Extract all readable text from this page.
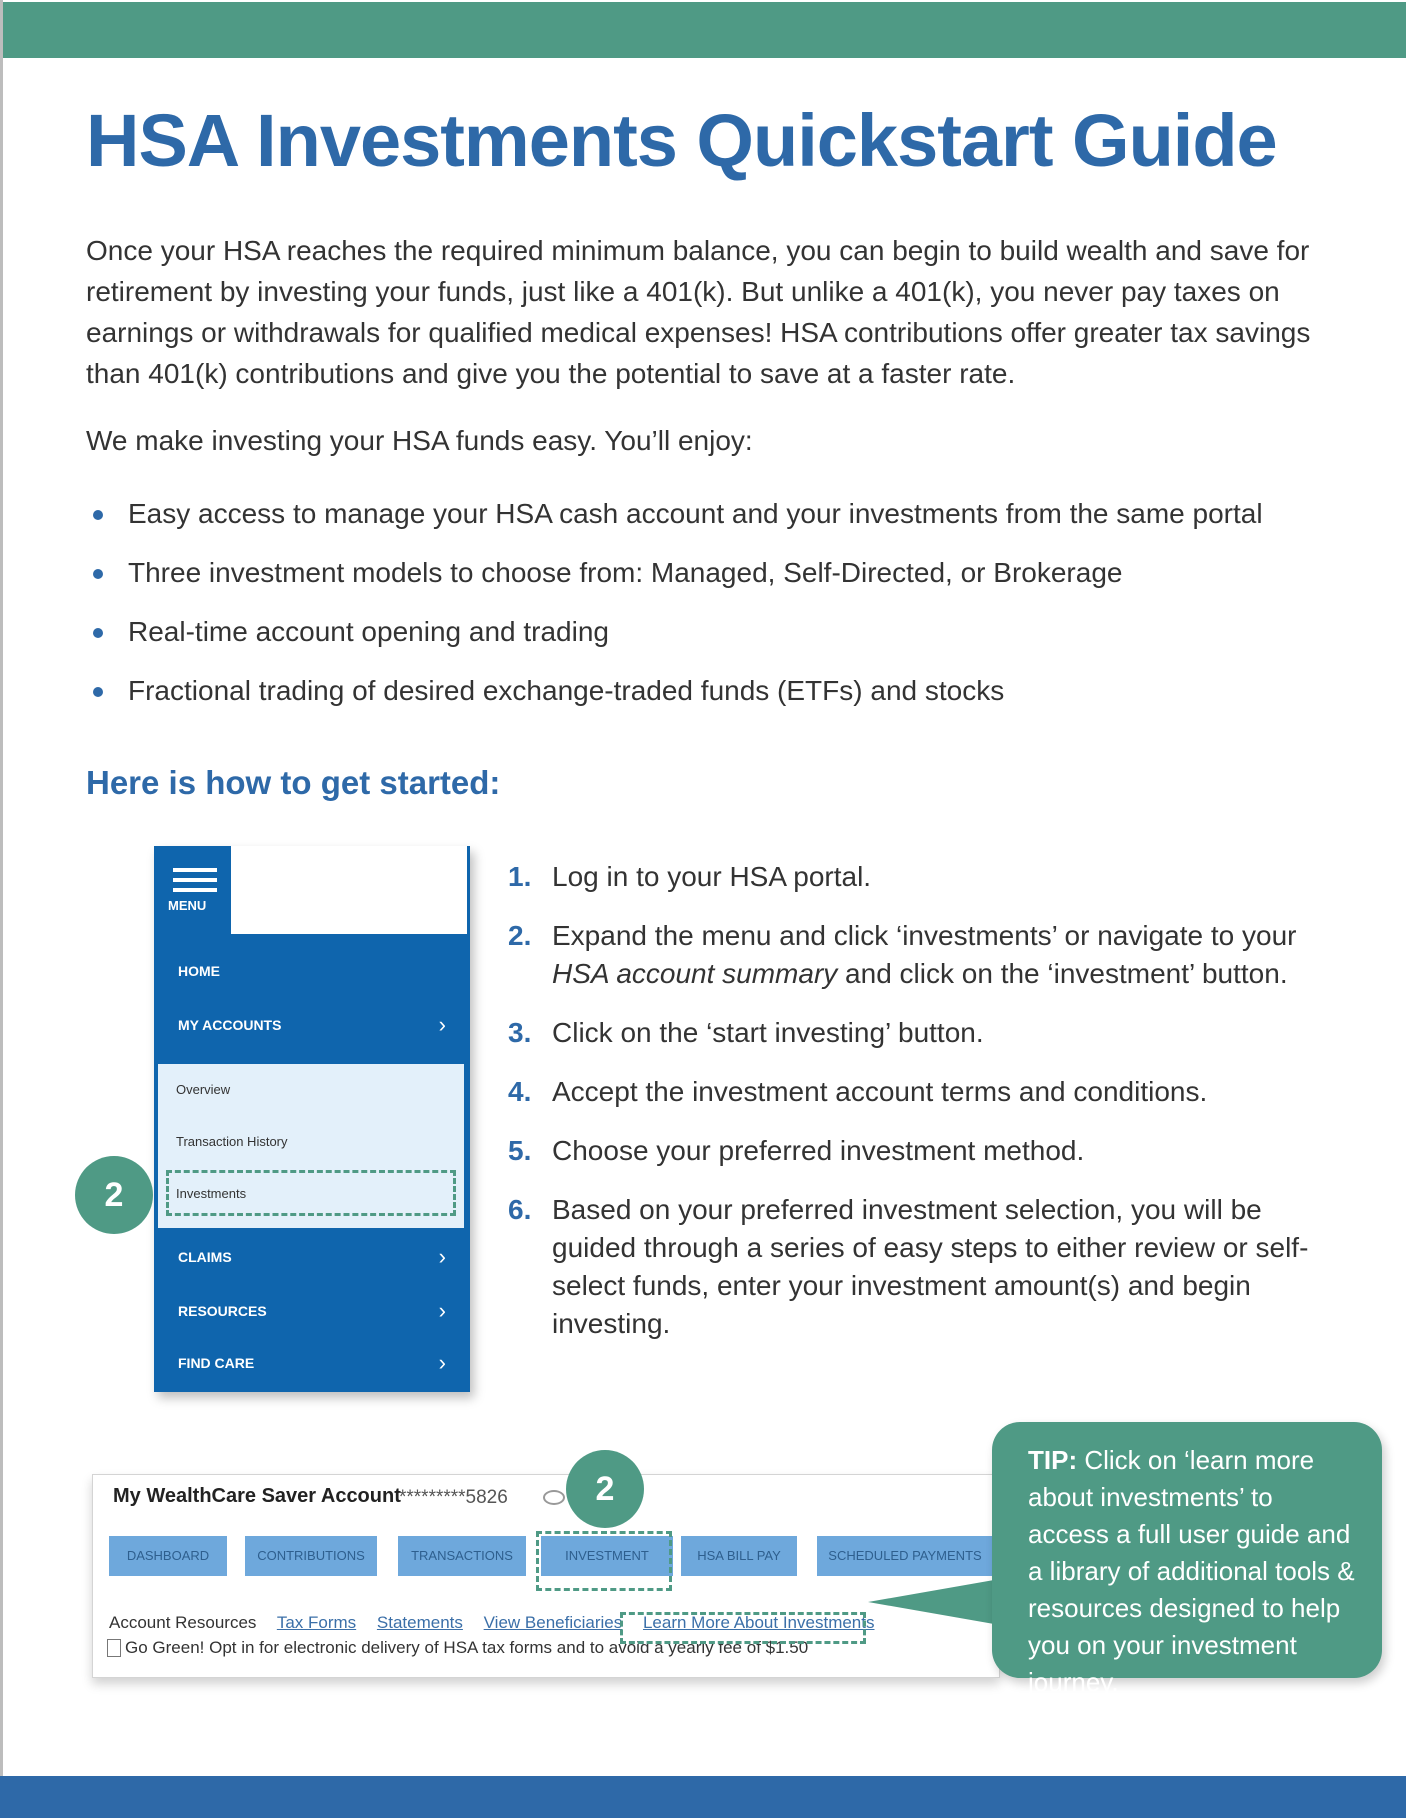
HSA Investments Quickstart Guide

Once your HSA reaches the required minimum balance, you can begin to build wealth and save for retirement by investing your funds, just like a 401(k). But unlike a 401(k), you never pay taxes on earnings or withdrawals for qualified medical expenses! HSA contributions offer greater tax savings than 401(k) contributions and give you the potential to save at a faster rate.

We make investing your HSA funds easy. You’ll enjoy:

Easy access to manage your HSA cash account and your investments from the same portal
Three investment models to choose from: Managed, Self-Directed, or Brokerage
Real-time account opening and trading
Fractional trading of desired exchange-traded funds (ETFs) and stocks
Here is how to get started:
MENU
HOME
MY ACCOUNTS	›
Overview
Transaction History
Investments
CLAIMS	›
RESOURCES	›
FIND CARE	›
2
1. Log in to your HSA portal.
2. Expand the menu and click ‘investments’ or navigate to your HSA account summary and click on the ‘investment’ button.
3. Click on the ‘start investing’ button.
4. Accept the investment account terms and conditions.
5. Choose your preferred investment method.
6. Based on your preferred investment selection, you will be guided through a series of easy steps to either review or self-select funds, enter your investment amount(s) and begin investing.
My WealthCare Saver Account
*********5826
DASHBOARD	CONTRIBUTIONS	TRANSACTIONS	INVESTMENT	HSA BILL PAY	SCHEDULED PAYMENTS
Account Resources Tax Forms Statements View Beneficiaries Learn More About Investments
Go Green! Opt in for electronic delivery of HSA tax forms and to avoid a yearly fee of $1.50
2
TIP: Click on ‘learn more about investments’ to access a full user guide and a library of additional tools & resources designed to help you on your investment journey.
